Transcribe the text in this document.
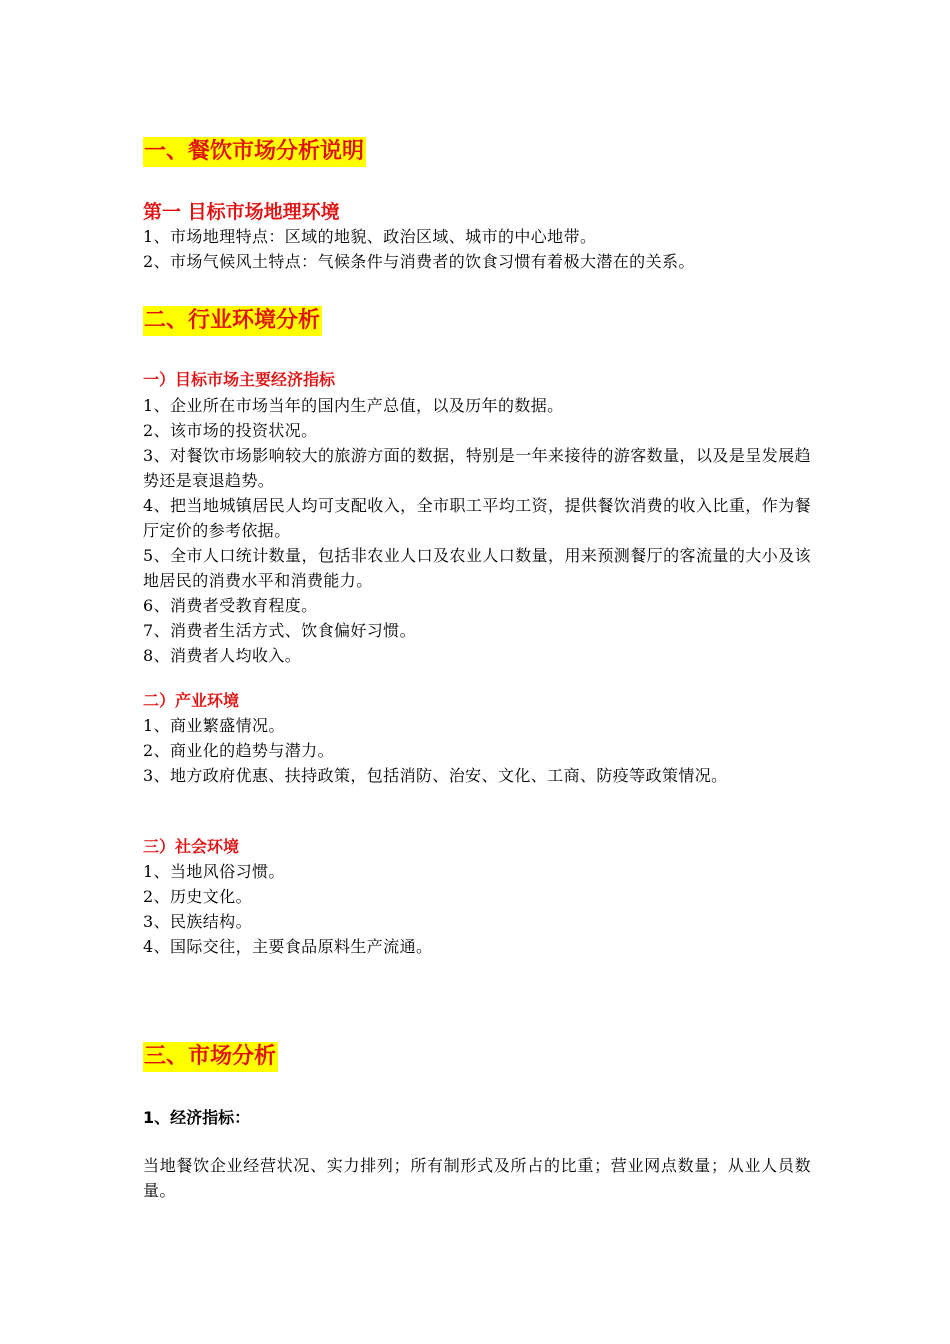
一、餐饮市场分析说明
第一 目标市场地理环境
1、市场地理特点：区域的地貌、政治区域、城市的中心地带。
2、市场气候风土特点：气候条件与消费者的饮食习惯有着极大潜在的关系。
二、行业环境分析
一）目标市场主要经济指标
1、企业所在市场当年的国内生产总值，以及历年的数据。
2、该市场的投资状况。
3、对餐饮市场影响较大的旅游方面的数据，特别是一年来接待的游客数量，以及是呈发展趋势还是衰退趋势。
4、把当地城镇居民人均可支配收入，全市职工平均工资，提供餐饮消费的收入比重，作为餐厅定价的参考依据。
5、全市人口统计数量，包括非农业人口及农业人口数量，用来预测餐厅的客流量的大小及该地居民的消费水平和消费能力。
6、消费者受教育程度。
7、消费者生活方式、饮食偏好习惯。
8、消费者人均收入。
二）产业环境
1、商业繁盛情况。
2、商业化的趋势与潜力。
3、地方政府优惠、扶持政策，包括消防、治安、文化、工商、防疫等政策情况。
三）社会环境
1、当地风俗习惯。
2、历史文化。
3、民族结构。
4、国际交往，主要食品原料生产流通。
三、市场分析
1、经济指标：
当地餐饮企业经营状况、实力排列；所有制形式及所占的比重；营业网点数量；从业人员数量。
